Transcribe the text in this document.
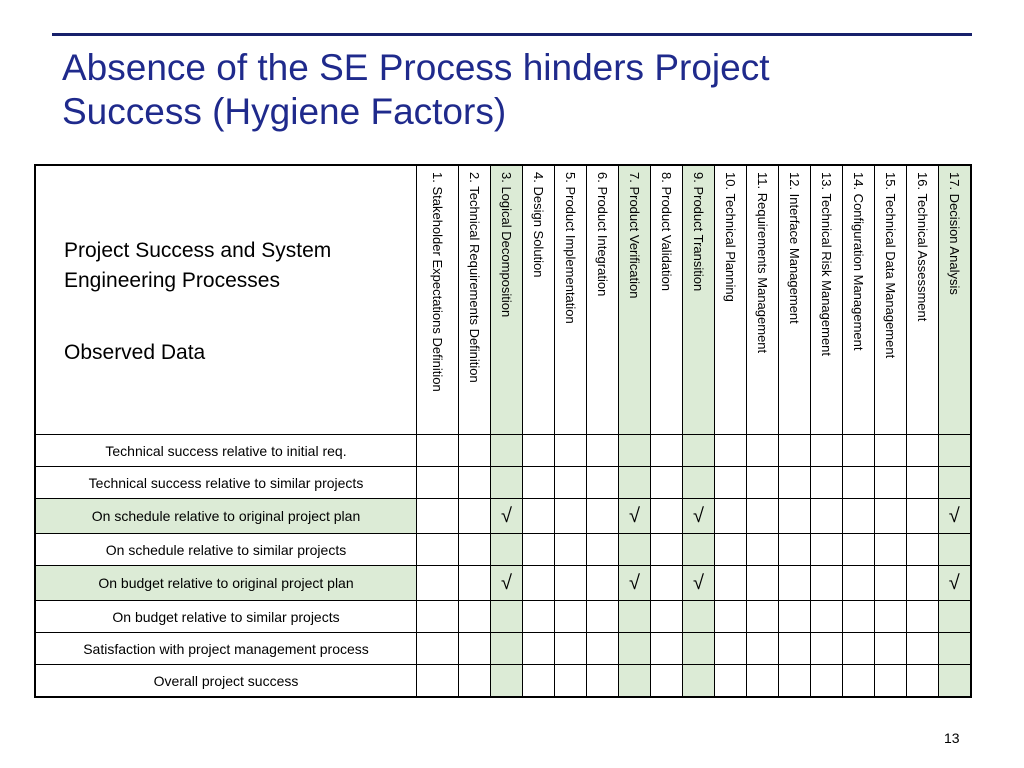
Absence of the SE Process hinders Project
Success (Hygiene Factors)
Project Success and System Engineering Processes
Observed Data	1. Stakeholder Expectations Definition	2. Technical Requirements Definition	3. Logical Decomposition	4. Design Solution	5. Product Implementation	6. Product Integration	7. Product Verification	8. Product Validation	9. Product Transition	10. Technical Planning	11. Requirements Management	12. Interface Management	13. Technical Risk Management	14. Configuration Management	15. Technical Data Management	16. Technical Assessment	17. Decision Analysis

Technical success relative to initial req.																	
Technical success relative to similar projects																	
On schedule relative to original project plan			√				√		√								√
On schedule relative to similar projects																	
On budget relative to original project plan			√				√		√								√
On budget relative to similar projects																	
Satisfaction with project management process																	
Overall project success																	
13
